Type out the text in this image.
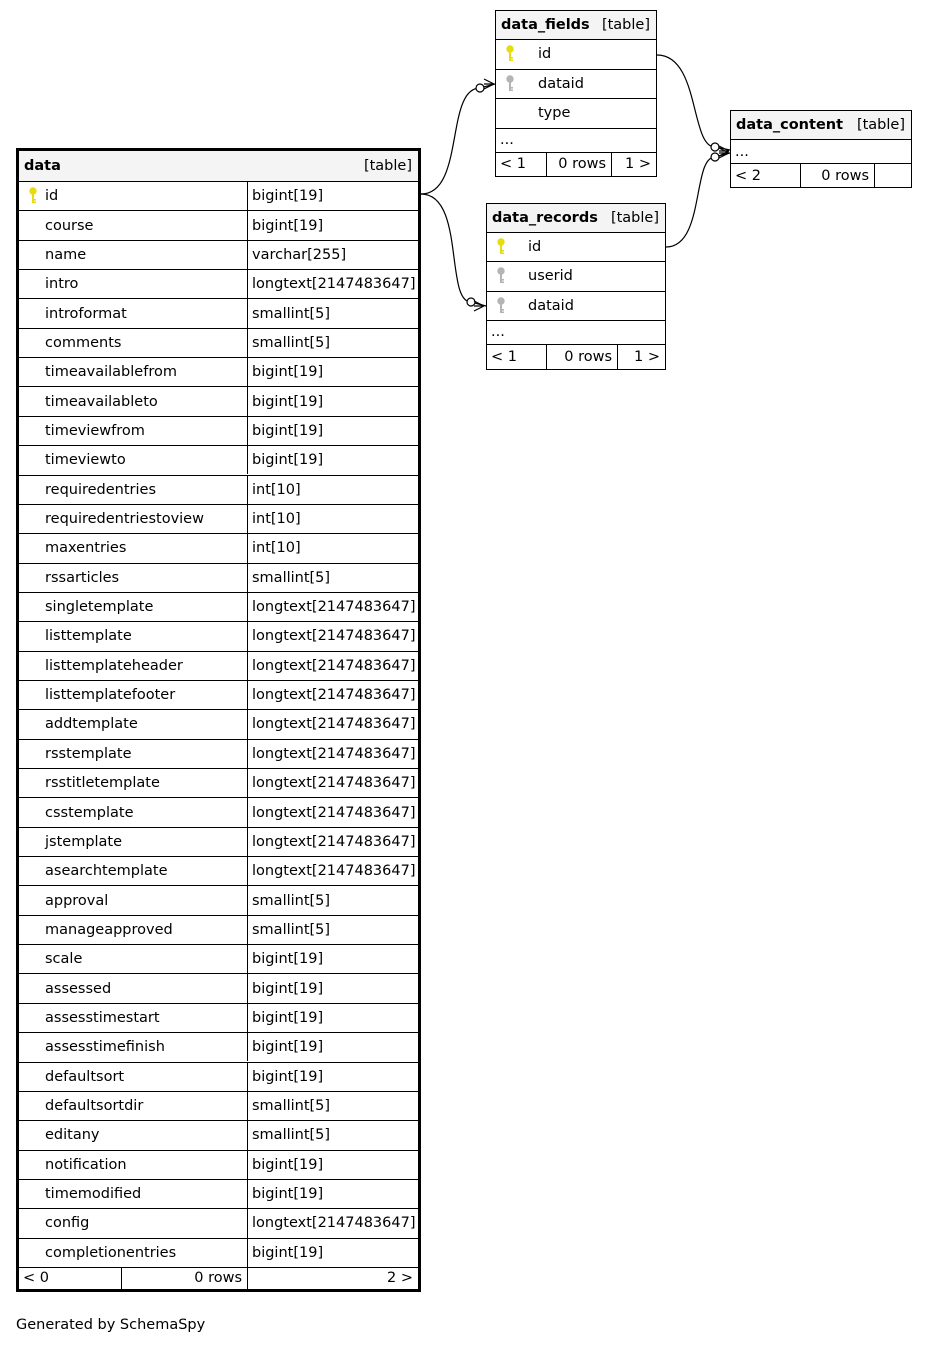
data	[table]
id	bigint[19]
course	bigint[19]
name	varchar[255]
intro	longtext[2147483647]
introformat	smallint[5]
comments	smallint[5]
timeavailablefrom	bigint[19]
timeavailableto	bigint[19]
timeviewfrom	bigint[19]
timeviewto	bigint[19]
requiredentries	int[10]
requiredentriestoview	int[10]
maxentries	int[10]
rssarticles	smallint[5]
singletemplate	longtext[2147483647]
listtemplate	longtext[2147483647]
listtemplateheader	longtext[2147483647]
listtemplatefooter	longtext[2147483647]
addtemplate	longtext[2147483647]
rsstemplate	longtext[2147483647]
rsstitletemplate	longtext[2147483647]
csstemplate	longtext[2147483647]
jstemplate	longtext[2147483647]
asearchtemplate	longtext[2147483647]
approval	smallint[5]
manageapproved	smallint[5]
scale	bigint[19]
assessed	bigint[19]
assesstimestart	bigint[19]
assesstimefinish	bigint[19]
defaultsort	bigint[19]
defaultsortdir	smallint[5]
editany	smallint[5]
notification	bigint[19]
timemodified	bigint[19]
config	longtext[2147483647]
completionentries	bigint[19]
< 0	0 rows	2 >
data_fields [table]
id
dataid
type
...
< 1	0 rows	1 >
data_records [table]
id
userid
dataid
...
< 1	0 rows	1 >
data_content [table]
...
< 2	0 rows
Generated by SchemaSpy
